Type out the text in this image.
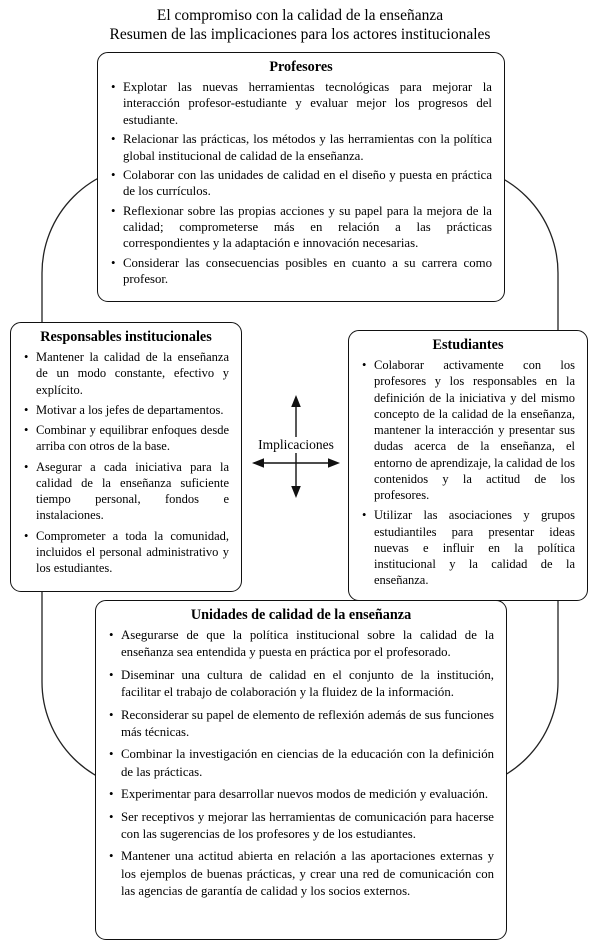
El compromiso con la calidad de la enseñanza
Resumen de las implicaciones para los actores institucionales
Profesores
• Explotar las nuevas herramientas tecnológicas para mejorar la interacción profesor-estudiante y evaluar mejor los progresos del estudiante.
• Relacionar las prácticas, los métodos y las herramientas con la política global institucional de calidad de la enseñanza.
• Colaborar con las unidades de calidad en el diseño y puesta en práctica de los currículos.
• Reflexionar sobre las propias acciones y su papel para la mejora de la calidad; comprometerse más en relación a las prácticas correspondientes y la adaptación e innovación necesarias.
• Considerar las consecuencias posibles en cuanto a su carrera como profesor.
Responsables institucionales
• Mantener la calidad de la enseñanza de un modo constante, efectivo y explícito.
• Motivar a los jefes de departamentos.
• Combinar y equilibrar enfoques desde arriba con otros de la base.
• Asegurar a cada iniciativa para la calidad de la enseñanza suficiente tiempo personal, fondos e instalaciones.
• Comprometer a toda la comunidad, incluidos el personal administrativo y los estudiantes.
Estudiantes
• Colaborar activamente con los profesores y los responsables en la definición de la iniciativa y del mismo concepto de la calidad de la enseñanza, mantener la interacción y presentar sus dudas acerca de la enseñanza, el entorno de aprendizaje, la calidad de los contenidos y la actitud de los profesores.
• Utilizar las asociaciones y grupos estudiantiles para presentar ideas nuevas e influir en la política institucional y la calidad de la enseñanza.
Unidades de calidad de la enseñanza
• Asegurarse de que la política institucional sobre la calidad de la enseñanza sea entendida y puesta en práctica por el profesorado.
• Diseminar una cultura de calidad en el conjunto de la institución, facilitar el trabajo de colaboración y la fluidez de la información.
• Reconsiderar su papel de elemento de reflexión además de sus funciones más técnicas.
• Combinar la investigación en ciencias de la educación con la definición de las prácticas.
• Experimentar para desarrollar nuevos modos de medición y evaluación.
• Ser receptivos y mejorar las herramientas de comunicación para hacerse con las sugerencias de los profesores y de los estudiantes.
• Mantener una actitud abierta en relación a las aportaciones externas y los ejemplos de buenas prácticas, y crear una red de comunicación con las agencias de garantía de calidad y los socios externos.
Implicaciones
